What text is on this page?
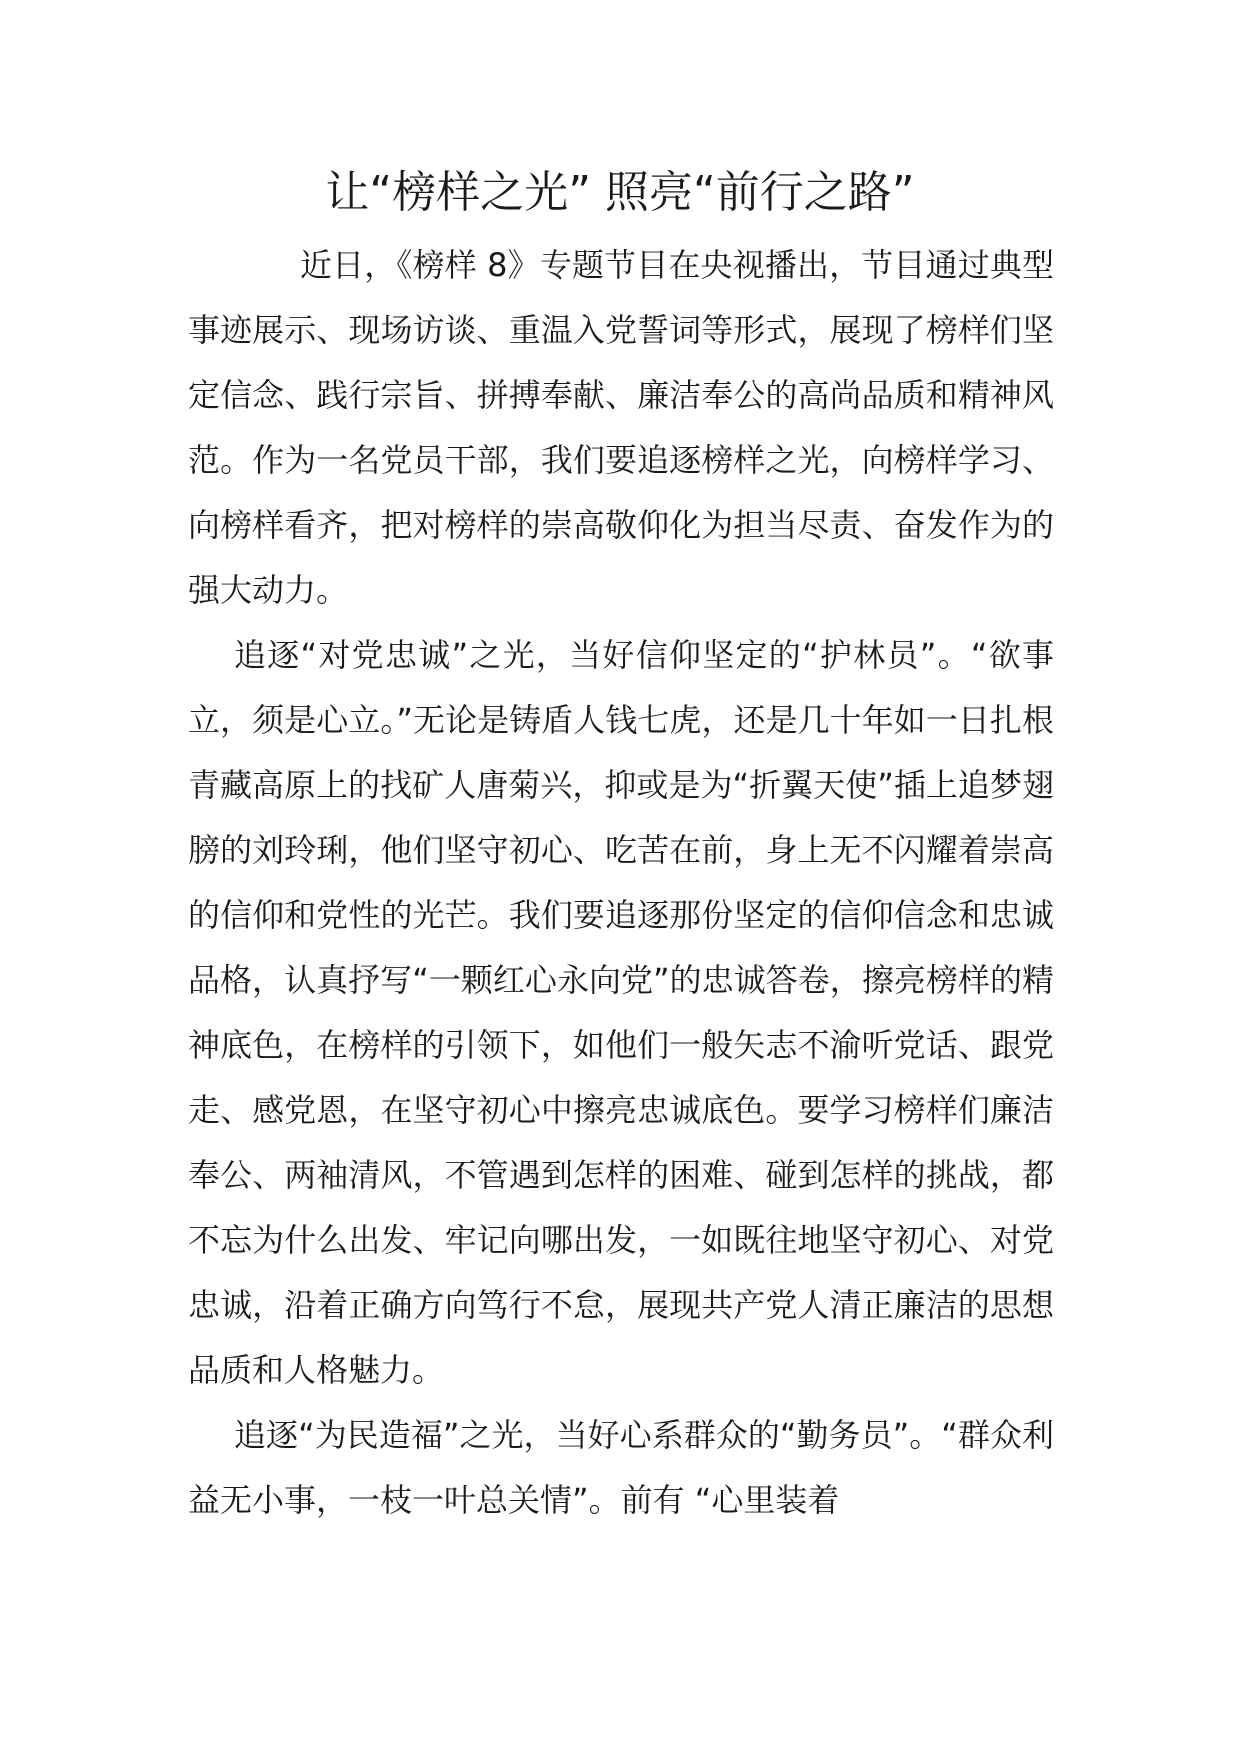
让“榜样之光” 照亮“前行之路”

近日，《榜样 8》专题节目在央视播出，节目通过典型事迹展示、现场访谈、重温入党誓词等形式，展现了榜样们坚定信念、践行宗旨、拼搏奉献、廉洁奉公的高尚品质和精神风范。作为一名党员干部，我们要追逐榜样之光，向榜样学习、向榜样看齐，把对榜样的崇高敬仰化为担当尽责、奋发作为的强大动力。

追逐“对党忠诚”之光，当好信仰坚定的“护林员”。“欲事立，须是心立。”无论是铸盾人钱七虎，还是几十年如一日扎根青藏高原上的找矿人唐菊兴，抑或是为“折翼天使”插上追梦翅膀的刘玲琍，他们坚守初心、吃苦在前，身上无不闪耀着崇高的信仰和党性的光芒。我们要追逐那份坚定的信仰信念和忠诚品格，认真抒写“一颗红心永向党”的忠诚答卷，擦亮榜样的精神底色，在榜样的引领下，如他们一般矢志不渝听党话、跟党走、感党恩，在坚守初心中擦亮忠诚底色。要学习榜样们廉洁奉公、两袖清风，不管遇到怎样的困难、碰到怎样的挑战，都不忘为什么出发、牢记向哪出发，一如既往地坚守初心、对党忠诚，沿着正确方向笃行不怠，展现共产党人清正廉洁的思想品质和人格魅力。

追逐“为民造福”之光，当好心系群众的“勤务员”。“群众利益无小事，一枝一叶总关情”。前有 “心里装着
